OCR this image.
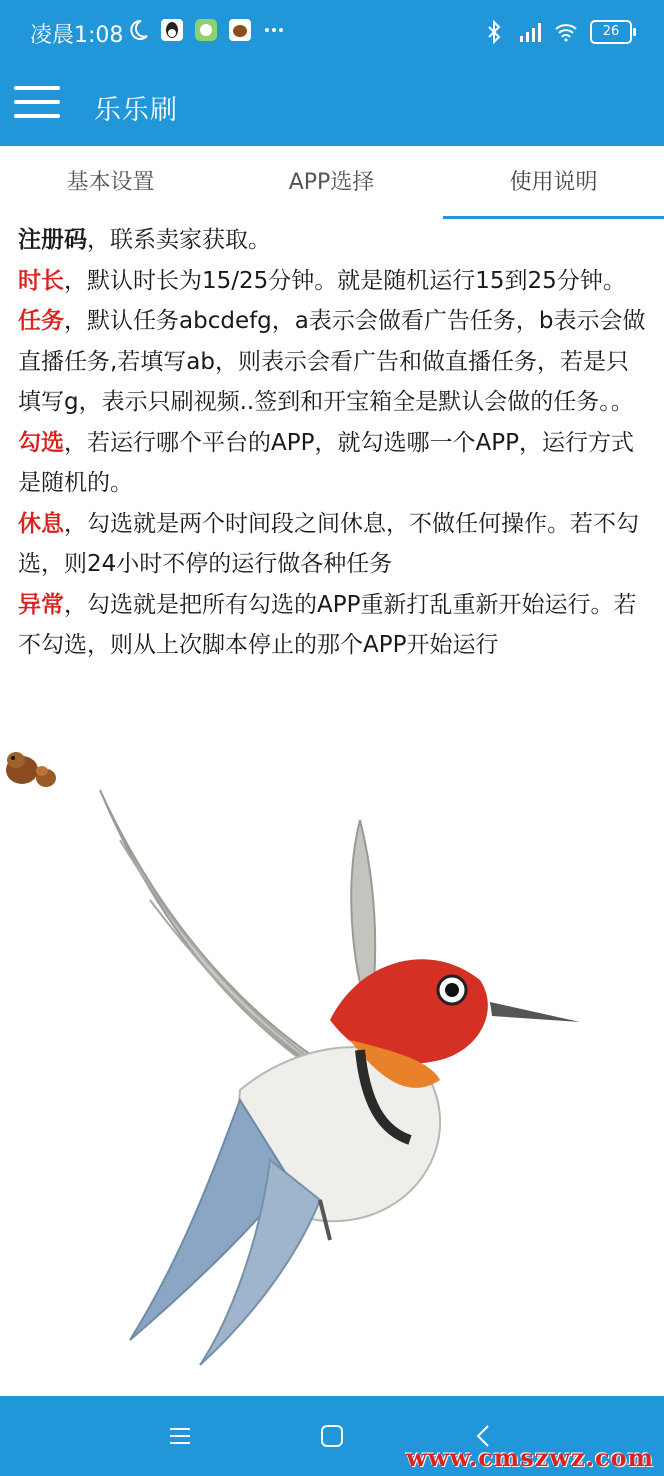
凌晨1:08	26
乐乐刷
基本设置	APP选择	使用说明

注册码，联系卖家获取。

时长，默认时长为15/25分钟。就是随机运行15到25分钟。

任务，默认任务abcdefg，a表示会做看广告任务，b表示会做直播任务,若填写ab，则表示会看广告和做直播任务，若是只填写g，表示只刷视频..签到和开宝箱全是默认会做的任务。。

勾选，若运行哪个平台的APP，就勾选哪一个APP，运行方式是随机的。

休息，勾选就是两个时间段之间休息，不做任何操作。若不勾选，则24小时不停的运行做各种任务

异常，勾选就是把所有勾选的APP重新打乱重新开始运行。若不勾选，则从上次脚本停止的那个APP开始运行

www.cmszwz.com
